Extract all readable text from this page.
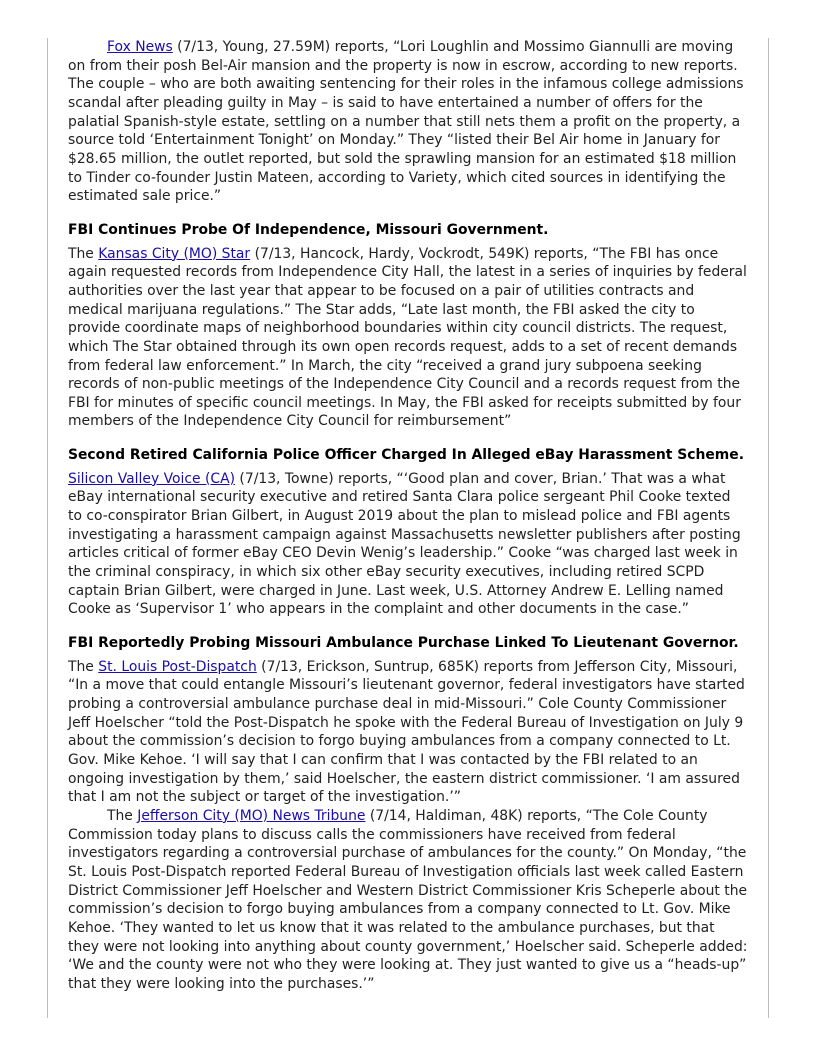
Fox News (7/13, Young, 27.59M) reports, “Lori Loughlin and Mossimo Giannulli are moving on from their posh Bel-Air mansion and the property is now in escrow, according to new reports. The couple – who are both awaiting sentencing for their roles in the infamous college admissions scandal after pleading guilty in May – is said to have entertained a number of offers for the palatial Spanish-style estate, settling on a number that still nets them a profit on the property, a source told ‘Entertainment Tonight’ on Monday.” They “listed their Bel Air home in January for $28.65 million, the outlet reported, but sold the sprawling mansion for an estimated $18 million to Tinder co-founder Justin Mateen, according to Variety, which cited sources in identifying the estimated sale price.”

FBI Continues Probe Of Independence, Missouri Government.

The Kansas City (MO) Star (7/13, Hancock, Hardy, Vockrodt, 549K) reports, “The FBI has once again requested records from Independence City Hall, the latest in a series of inquiries by federal authorities over the last year that appear to be focused on a pair of utilities contracts and medical marijuana regulations.” The Star adds, “Late last month, the FBI asked the city to provide coordinate maps of neighborhood boundaries within city council districts. The request, which The Star obtained through its own open records request, adds to a set of recent demands from federal law enforcement.” In March, the city “received a grand jury subpoena seeking records of non-public meetings of the Independence City Council and a records request from the FBI for minutes of specific council meetings. In May, the FBI asked for receipts submitted by four members of the Independence City Council for reimbursement”

Second Retired California Police Officer Charged In Alleged eBay Harassment Scheme.

Silicon Valley Voice (CA) (7/13, Towne) reports, “‘Good plan and cover, Brian.’ That was a what eBay international security executive and retired Santa Clara police sergeant Phil Cooke texted to co-conspirator Brian Gilbert, in August 2019 about the plan to mislead police and FBI agents investigating a harassment campaign against Massachusetts newsletter publishers after posting articles critical of former eBay CEO Devin Wenig’s leadership.” Cooke “was charged last week in the criminal conspiracy, in which six other eBay security executives, including retired SCPD captain Brian Gilbert, were charged in June. Last week, U.S. Attorney Andrew E. Lelling named Cooke as ‘Supervisor 1’ who appears in the complaint and other documents in the case.”

FBI Reportedly Probing Missouri Ambulance Purchase Linked To Lieutenant Governor.

The St. Louis Post-Dispatch (7/13, Erickson, Suntrup, 685K) reports from Jefferson City, Missouri, “In a move that could entangle Missouri’s lieutenant governor, federal investigators have started probing a controversial ambulance purchase deal in mid-Missouri.” Cole County Commissioner Jeff Hoelscher “told the Post-Dispatch he spoke with the Federal Bureau of Investigation on July 9 about the commission’s decision to forgo buying ambulances from a company connected to Lt. Gov. Mike Kehoe. ‘I will say that I can confirm that I was contacted by the FBI related to an ongoing investigation by them,’ said Hoelscher, the eastern district commissioner. ‘I am assured that I am not the subject or target of the investigation.’”

The Jefferson City (MO) News Tribune (7/14, Haldiman, 48K) reports, “The Cole County Commission today plans to discuss calls the commissioners have received from federal investigators regarding a controversial purchase of ambulances for the county.” On Monday, “the St. Louis Post-Dispatch reported Federal Bureau of Investigation officials last week called Eastern District Commissioner Jeff Hoelscher and Western District Commissioner Kris Scheperle about the commission’s decision to forgo buying ambulances from a company connected to Lt. Gov. Mike Kehoe. ‘They wanted to let us know that it was related to the ambulance purchases, but that they were not looking into anything about county government,’ Hoelscher said. Scheperle added: ‘We and the county were not who they were looking at. They just wanted to give us a “heads-up” that they were looking into the purchases.’”
